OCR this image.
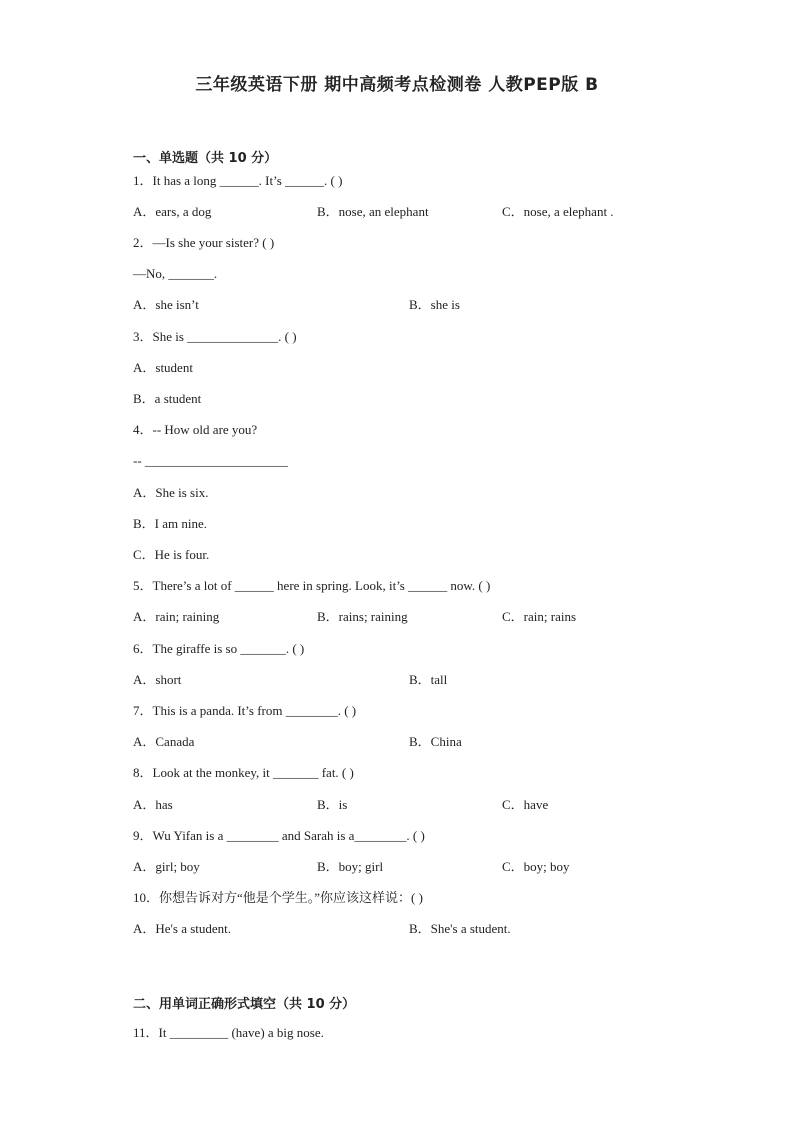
三年级英语下册 期中高频考点检测卷 人教PEP版 B
一、单选题（共 10 分）
1．It has a long ______. It’s ______. ( )
A．ears, a dog	B．nose, an elephant	C．nose, a elephant .
2．—Is she your sister? ( )
—No, _______.
A．she isn’t	B．she is
3．She is ______________. ( )
A．student
B．a student
4．-- How old are you?
-- ______________________
A．She is six.
B．I am nine.
C．He is four.
5．There’s a lot of ______ here in spring. Look, it’s ______ now. ( )
A．rain; raining	B．rains; raining	C．rain; rains
6．The giraffe is so _______. ( )
A．short	B．tall
7．This is a panda. It’s from ________. ( )
A．Canada	B．China
8．Look at the monkey, it _______ fat. ( )
A．has	B．is	C．have
9．Wu Yifan is a ________ and Sarah is a________. ( )
A．girl; boy	B．boy; girl	C．boy; boy
10．你想告诉对方“他是个学生。”你应该这样说：( )
A．He's a student.	B．She's a student.
二、用单词正确形式填空（共 10 分）
11．It _________ (have) a big nose.
